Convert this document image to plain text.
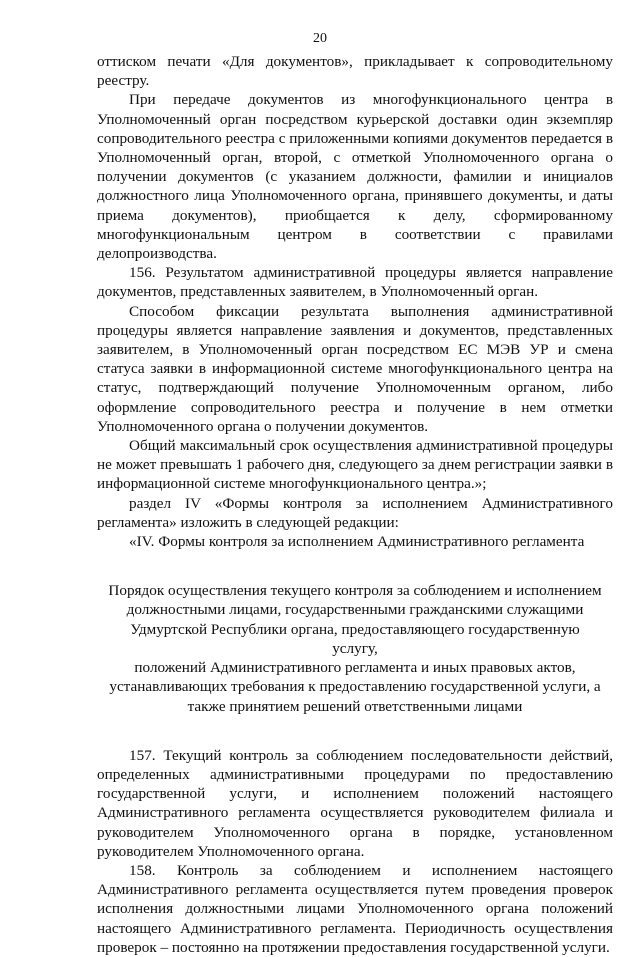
20

оттиском печати «Для документов», прикладывает к сопроводительному реестру.

При передаче документов из многофункционального центра в Уполномоченный орган посредством курьерской доставки один экземпляр сопроводительного реестра с приложенными копиями документов передается в Уполномоченный орган, второй, с отметкой Уполномоченного органа о получении документов (с указанием должности, фамилии и инициалов должностного лица Уполномоченного органа, принявшего документы, и даты приема документов), приобщается к делу, сформированному многофункциональным центром в соответствии с правилами делопроизводства.

156. Результатом административной процедуры является направление документов, представленных заявителем, в Уполномоченный орган.

Способом фиксации результата выполнения административной процедуры является направление заявления и документов, представленных заявителем, в Уполномоченный орган посредством ЕС МЭВ УР и смена статуса заявки в информационной системе многофункционального центра на статус, подтверждающий получение Уполномоченным органом, либо оформление сопроводительного реестра и получение в нем отметки Уполномоченного органа о получении документов.

Общий максимальный срок осуществления административной процедуры не может превышать 1 рабочего дня, следующего за днем регистрации заявки в информационной системе многофункционального центра.»;

раздел IV «Формы контроля за исполнением Административного регламента» изложить в следующей редакции:

«IV. Формы контроля за исполнением Административного регламента

Порядок осуществления текущего контроля за соблюдением и исполнением
должностными лицами, государственными гражданскими служащими
Удмуртской Республики органа, предоставляющего государственную услугу,
положений Административного регламента и иных правовых актов,
устанавливающих требования к предоставлению государственной услуги, а
также принятием решений ответственными лицами

157. Текущий контроль за соблюдением последовательности действий, определенных административными процедурами по предоставлению государственной услуги, и исполнением положений настоящего Административного регламента осуществляется руководителем филиала и руководителем Уполномоченного органа в порядке, установленном руководителем Уполномоченного органа.

158. Контроль за соблюдением и исполнением настоящего Административного регламента осуществляется путем проведения проверок исполнения должностными лицами Уполномоченного органа положений настоящего Административного регламента. Периодичность осуществления проверок – постоянно на протяжении предоставления государственной услуги.
